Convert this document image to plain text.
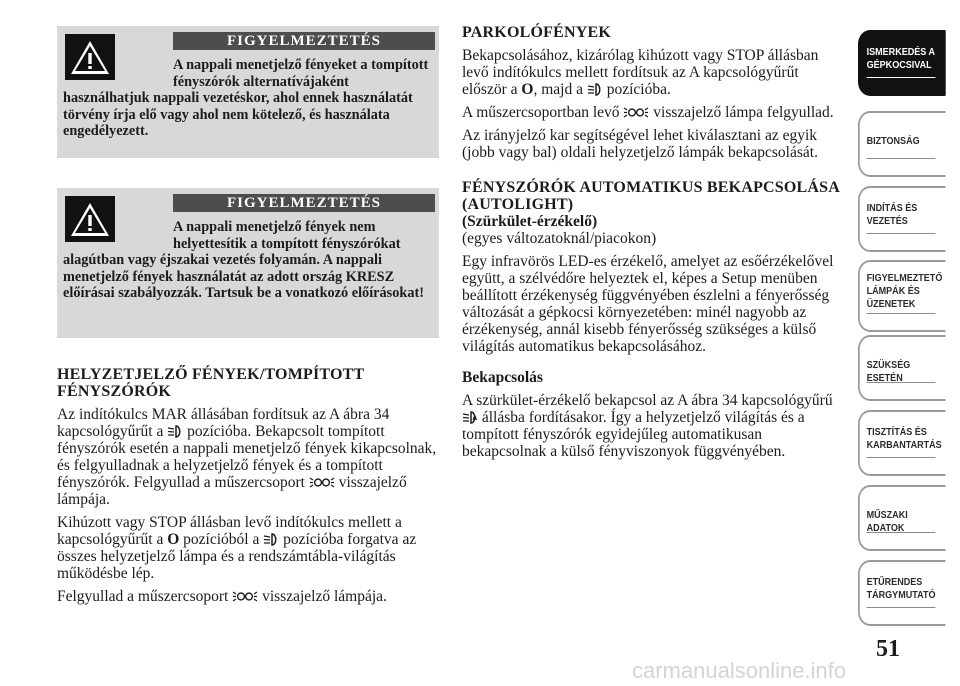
FIGYELMEZTETÉS
A nappali menetjelző fényeket a tompított fényszórók alternatívájaként
használhatjuk nappali vezetéskor, ahol ennek használatát törvény írja elő vagy ahol nem kötelező, és használata engedélyezett.
FIGYELMEZTETÉS
A nappali menetjelző fények nem helyettesítik a tompított fényszórókat
alagútban vagy éjszakai vezetés folyamán. A nappali menetjelző fények használatát az adott ország KRESZ előírásai szabályozzák. Tartsuk be a vonatkozó előírásokat!
HELYZETJELZŐ FÉNYEK/TOMPÍTOTT FÉNYSZÓRÓK

Az indítókulcs MAR állásában fordítsuk az A ábra 34 kapcsológyűrűt a pozícióba. Bekapcsolt tompított fényszórók esetén a nappali menetjelző fények kikapcsolnak, és felgyulladnak a helyzetjelző fények és a tompított fényszórók. Felgyullad a műszercsoport visszajelző lámpája.

Kihúzott vagy STOP állásban levő indítókulcs mellett a kapcsológyűrűt a O pozícióból a pozícióba forgatva az összes helyzetjelző lámpa és a rendszámtábla-világítás működésbe lép.

Felgyullad a műszercsoport visszajelző lámpája.

PARKOLÓFÉNYEK

Bekapcsolásához, kizárólag kihúzott vagy STOP állásban levő indítókulcs mellett fordítsuk az A kapcsológyűrűt először a O, majd a pozícióba.

A műszercsoportban levő visszajelző lámpa felgyullad.

Az irányjelző kar segítségével lehet kiválasztani az egyik (jobb vagy bal) oldali helyzetjelző lámpák bekapcsolását.

FÉNYSZÓRÓK AUTOMATIKUS BEKAPCSOLÁSA (AUTOLIGHT)

(Szürkület-érzékelő)

(egyes változatoknál/piacokon)

Egy infravörös LED-es érzékelő, amelyet az esőérzékelővel együtt, a szélvédőre helyeztek el, képes a Setup menüben beállított érzékenység függvényében észlelni a fényerősség változását a gépkocsi környezetében: minél nagyobb az érzékenység, annál kisebb fényerősség szükséges a külső világítás automatikus bekapcsolásához.

Bekapcsolás

A szürkület-érzékelő bekapcsol az A ábra 34 kapcsológyűrű
A állásba fordításakor. Így a helyzetjelző világítás és a tompított fényszórók egyidejűleg automatikusan bekapcsolnak a külső fényviszonyok függvényében.

ISMERKEDÉS A
GÉPKOCSIVAL
BIZTONSÁG
INDÍTÁS ÉS
VEZETÉS
FIGYELMEZTETŐ
LÁMPÁK ÉS
ÜZENETEK
SZÜKSÉG ESETÉN
TISZTÍTÁS ÉS
KARBANTARTÁS
MŰSZAKI ADATOK
ETŰRENDES
TÁRGYMUTATÓ
51
carmanualsonline.info
